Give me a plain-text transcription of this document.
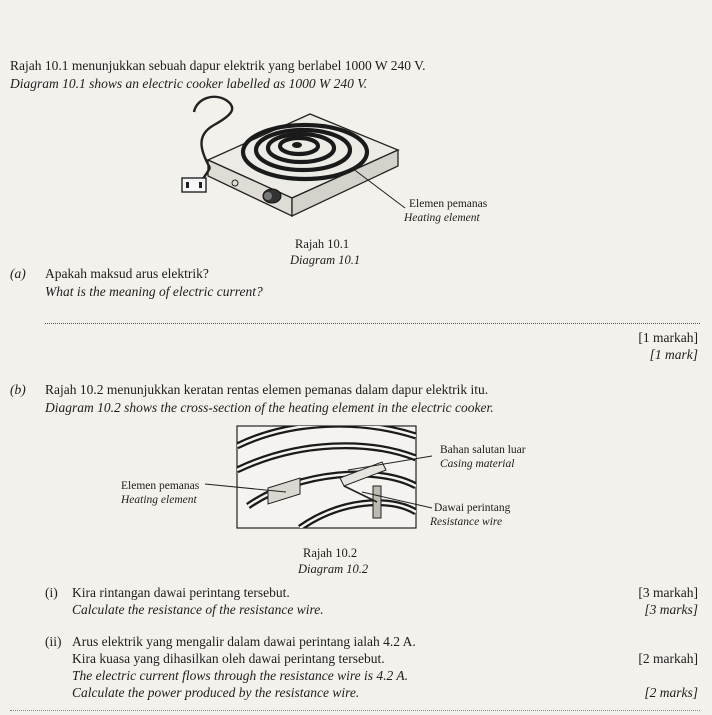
Rajah 10.1 menunjukkan sebuah dapur elektrik yang berlabel 1000 W 240 V.
Diagram 10.1 shows an electric cooker labelled as 1000 W 240 V.
Elemen pemanas
Heating element
Rajah 10.1
Diagram 10.1
(a) Apakah maksud arus elektrik?
What is the meaning of electric current?
[1 markah]
[1 mark]
(b) Rajah 10.2 menunjukkan keratan rentas elemen pemanas dalam dapur elektrik itu.
Diagram 10.2 shows the cross-section of the heating element in the electric cooker.
Bahan salutan luar
Casing material
Elemen pemanas
Heating element
Dawai perintang
Resistance wire
Rajah 10.2
Diagram 10.2
(i) Kira rintangan dawai perintang tersebut.
Calculate the resistance of the resistance wire.
[3 markah]
[3 marks]
(ii) Arus elektrik yang mengalir dalam dawai perintang ialah 4.2 A.
Kira kuasa yang dihasilkan oleh dawai perintang tersebut.
The electric current flows through the resistance wire is 4.2 A.
Calculate the power produced by the resistance wire.
[2 markah]
[2 marks]
